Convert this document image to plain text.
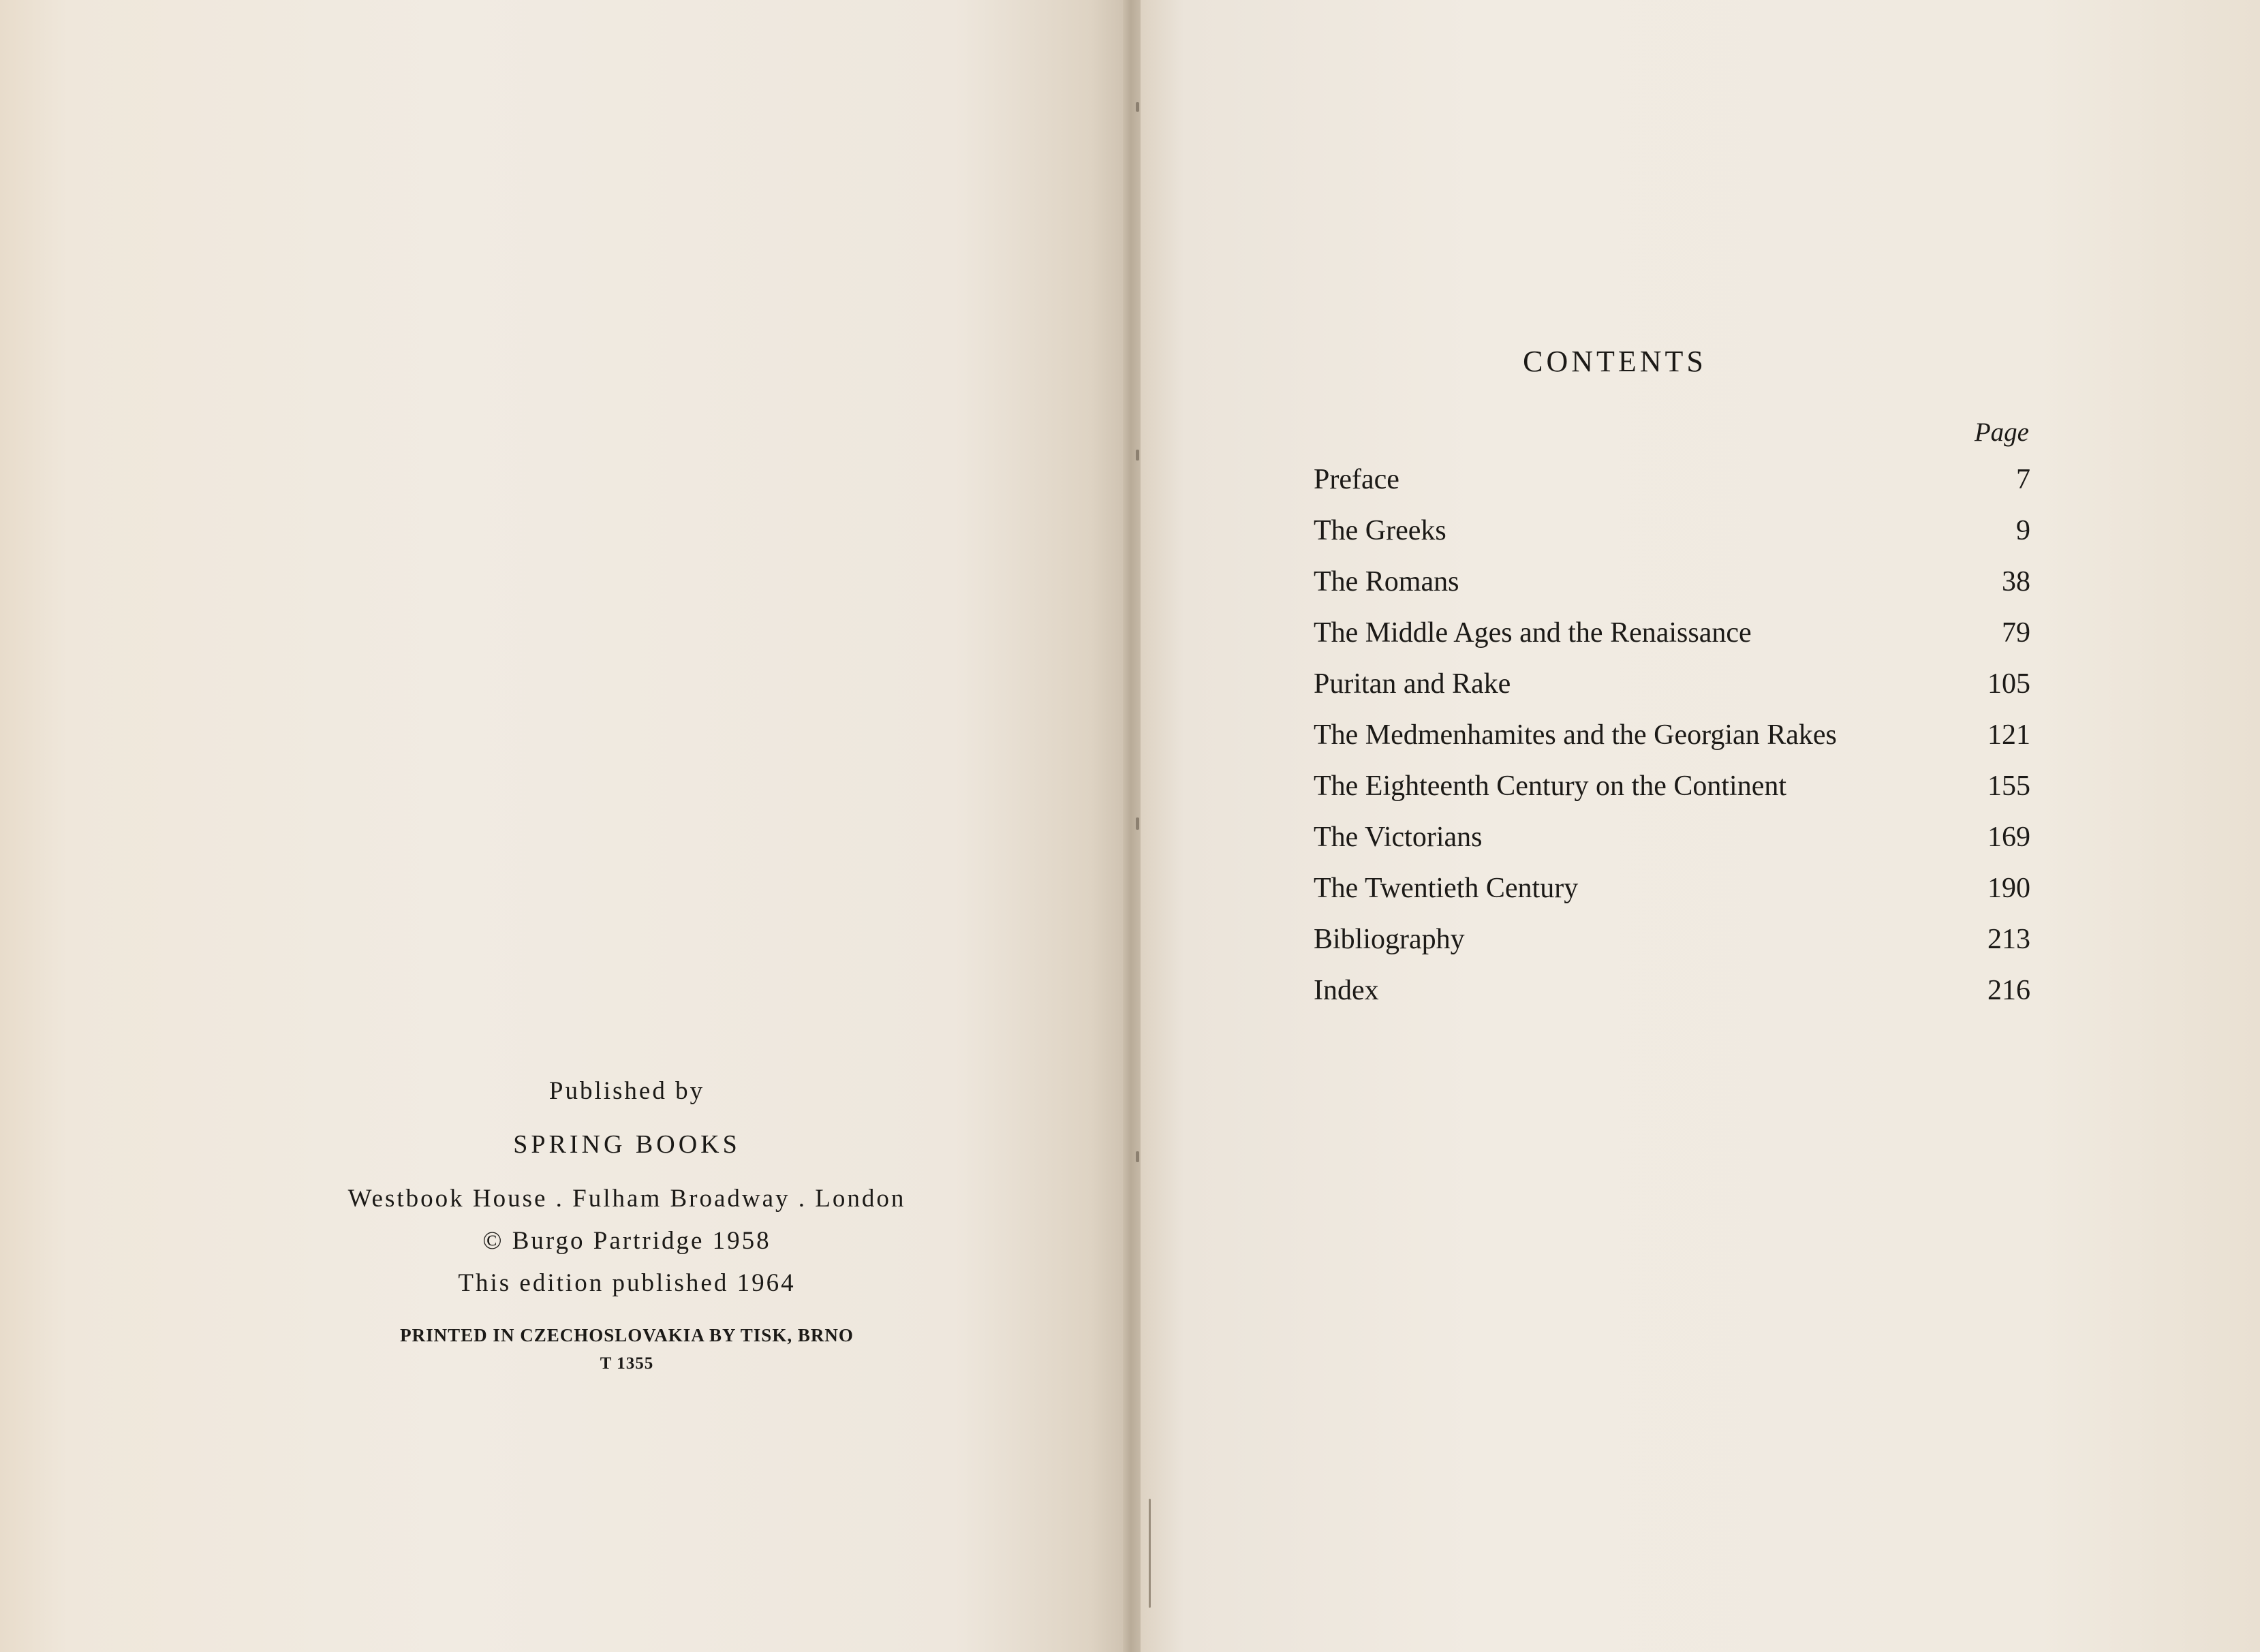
Published by
SPRING BOOKS
Westbook House . Fulham Broadway . London
© Burgo Partridge 1958
This edition published 1964
PRINTED IN CZECHOSLOVAKIA BY TISK, BRNO
T 1355
CONTENTS
Page
Preface	7
The Greeks	9
The Romans	38
The Middle Ages and the Renaissance	79
Puritan and Rake	105
The Medmenhamites and the Georgian Rakes	121
The Eighteenth Century on the Continent	155
The Victorians	169
The Twentieth Century	190
Bibliography	213
Index	216
